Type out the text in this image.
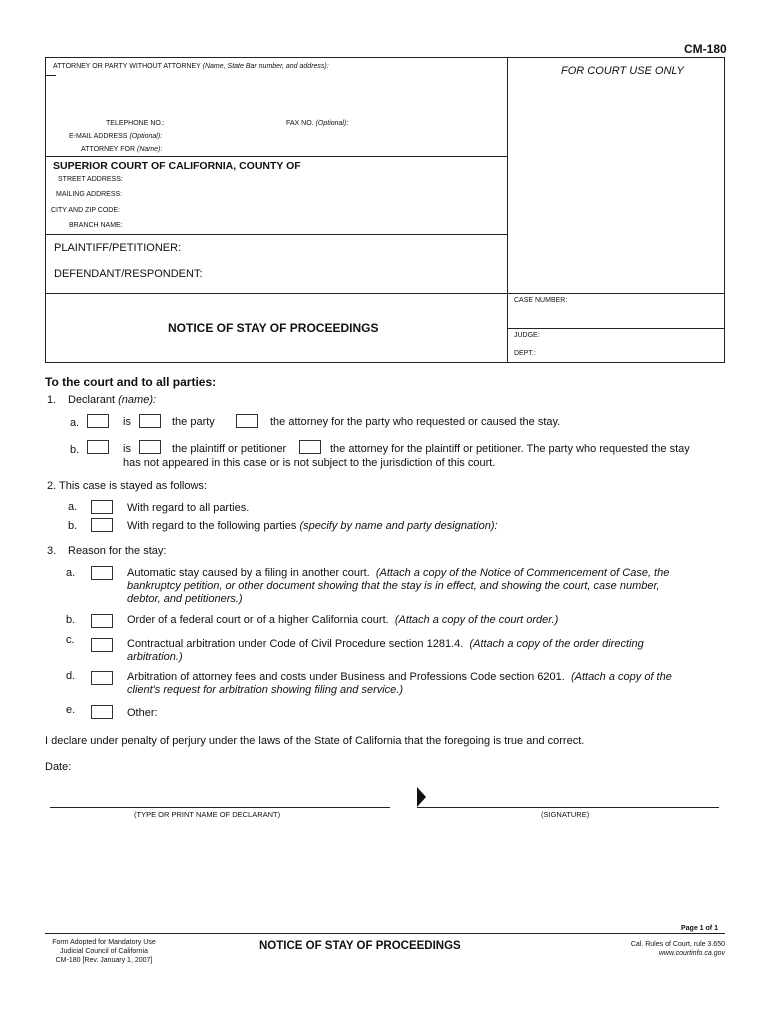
CM-180
ATTORNEY OR PARTY WITHOUT ATTORNEY (Name, State Bar number, and address):	FOR COURT USE ONLY
TELEPHONE NO.:	FAX NO. (Optional):
E-MAIL ADDRESS (Optional):
ATTORNEY FOR (Name):
SUPERIOR COURT OF CALIFORNIA, COUNTY OF
STREET ADDRESS:
MAILING ADDRESS:
CITY AND ZIP CODE:
BRANCH NAME:
PLAINTIFF/PETITIONER:
DEFENDANT/RESPONDENT:
CASE NUMBER:
NOTICE OF STAY OF PROCEEDINGS
JUDGE:
DEPT.:
To the court and to all parties:
1. Declarant (name):
a.	is	the party	the attorney for the party who requested or caused the stay.
b.	is	the plaintiff or petitioner	the attorney for the plaintiff or petitioner. The party who requested the stay
has not appeared in this case or is not subject to the jurisdiction of this court.
2. This case is stayed as follows:
a.	With regard to all parties.
b.	With regard to the following parties (specify by name and party designation):
3. Reason for the stay:
a.	Automatic stay caused by a filing in another court. (Attach a copy of the Notice of Commencement of Case, the
bankruptcy petition, or other document showing that the stay is in effect, and showing the court, case number,
debtor, and petitioners.)
b.	Order of a federal court or of a higher California court. (Attach a copy of the court order.)
c.	Contractual arbitration under Code of Civil Procedure section 1281.4. (Attach a copy of the order directing
arbitration.)
d.	Arbitration of attorney fees and costs under Business and Professions Code section 6201. (Attach a copy of the
client's request for arbitration showing filing and service.)
e.	Other:
I declare under penalty of perjury under the laws of the State of California that the foregoing is true and correct.
Date:
(TYPE OR PRINT NAME OF DECLARANT)	(SIGNATURE)
Page 1 of 1
Form Adopted for Mandatory Use
Judicial Council of California
CM-180 [Rev. January 1, 2007]
NOTICE OF STAY OF PROCEEDINGS	Cal. Rules of Court, rule 3.650
www.courtinfo.ca.gov
